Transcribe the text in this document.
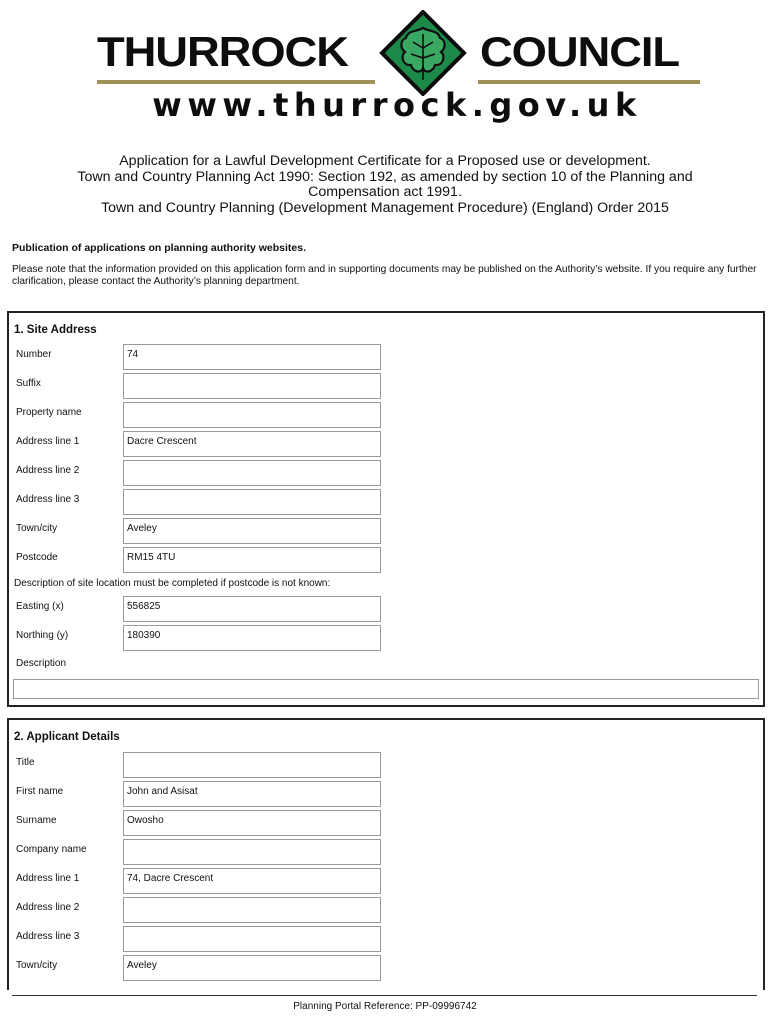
THURROCK	COUNCIL
www.thurrock.gov.uk
Application for a Lawful Development Certificate for a Proposed use or development.
Town and Country Planning Act 1990: Section 192, as amended by section 10 of the Planning and
Compensation act 1991.
Town and Country Planning (Development Management Procedure) (England) Order 2015
Publication of applications on planning authority websites.
Please note that the information provided on this application form and in supporting documents may be published on the Authority’s website. If you require any further clarification, please contact the Authority’s planning department.
1. Site Address
Number	74
Suffix
Property name
Address line 1	Dacre Crescent
Address line 2
Address line 3
Town/city	Aveley
Postcode	RM15 4TU
Description of site location must be completed if postcode is not known:
Easting (x)	556825
Northing (y)	180390
Description
2. Applicant Details
Title
First name	John and Asisat
Surname	Owosho
Company name
Address line 1	74, Dacre Crescent
Address line 2
Address line 3
Town/city	Aveley
Planning Portal Reference: PP-09996742
